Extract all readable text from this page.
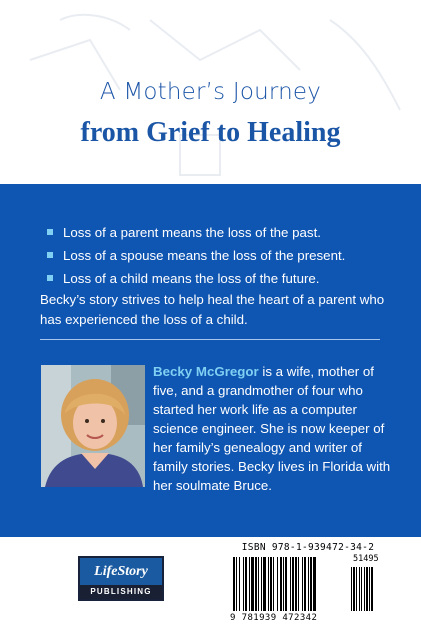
A Mother’s Journey
from Grief to Healing
Loss of a parent means the loss of the past.
Loss of a spouse means the loss of the present.
Loss of a child means the loss of the future.
Becky’s story strives to help heal the heart of a parent who has experienced the loss of a child.
Becky McGregor is a wife, mother of five, and a grandmother of four who started her work life as a computer science engineer. She is now keeper of her family’s genealogy and writer of family stories. Becky lives in Florida with her soulmate Bruce.
LifeStory
PUBLISHING
ISBN 978-1-939472-34-2
51495
9 781939 472342
